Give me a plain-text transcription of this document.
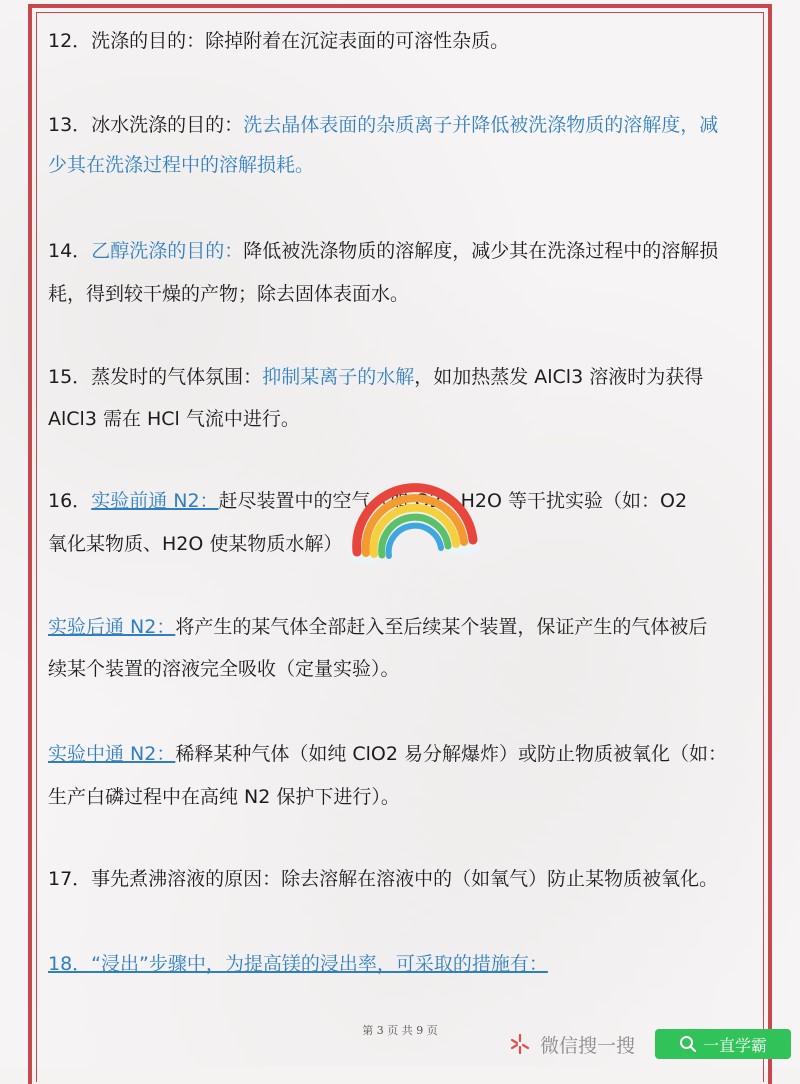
12．洗涤的目的：除掉附着在沉淀表面的可溶性杂质。
13．冰水洗涤的目的：洗去晶体表面的杂质离子并降低被洗涤物质的溶解度，减
少其在洗涤过程中的溶解损耗。
14．乙醇洗涤的目的：降低被洗涤物质的溶解度，减少其在洗涤过程中的溶解损
耗，得到较干燥的产物；除去固体表面水。
15．蒸发时的气体氛围：抑制某离子的水解，如加热蒸发 AlCl3 溶液时为获得
AlCl3 需在 HCl 气流中进行。
16．实验前通 N2：赶尽装置中的空气（如 O2、H2O 等干扰实验（如：O2
氧化某物质、H2O 使某物质水解）
实验后通 N2：将产生的某气体全部赶入至后续某个装置，保证产生的气体被后
续某个装置的溶液完全吸收（定量实验）。
实验中通 N2：稀释某种气体（如纯 ClO2 易分解爆炸）或防止物质被氧化（如：
生产白磷过程中在高纯 N2 保护下进行）。
17．事先煮沸溶液的原因：除去溶解在溶液中的（如氧气）防止某物质被氧化。
18．“浸出”步骤中，为提高镁的浸出率，可采取的措施有：
第 3 页 共 9 页
微信搜一搜	一直学霸
